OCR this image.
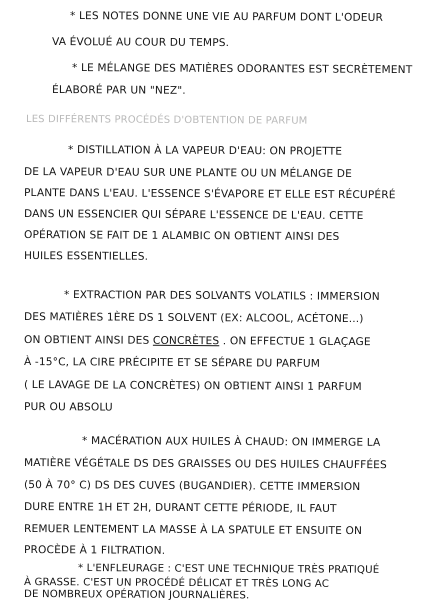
* LES NOTES DONNE UNE VIE AU PARFUM DONT L'ODEUR
VA ÉVOLUÉ AU COUR DU TEMPS.
* LE MÉLANGE DES MATIÈRES ODORANTES EST SECRÈTEMENT
ÉLABORÉ PAR UN "NEZ".
LES DIFFÉRENTS PROCÉDÉS D'OBTENTION DE PARFUM
* DISTILLATION À LA VAPEUR D'EAU: ON PROJETTE
DE LA VAPEUR D'EAU SUR UNE PLANTE OU UN MÉLANGE DE
PLANTE DANS L'EAU. L'ESSENCE S'ÉVAPORE ET ELLE EST RÉCUPÉRÉ
DANS UN ESSENCIER QUI SÉPARE L'ESSENCE DE L'EAU. CETTE
OPÉRATION SE FAIT DE 1 ALAMBIC ON OBTIENT AINSI DES
HUILES ESSENTIELLES.
* EXTRACTION PAR DES SOLVANTS VOLATILS : IMMERSION
DES MATIÈRES 1ÈRE DS 1 SOLVENT (EX: ALCOOL, ACÉTONE...)
ON OBTIENT AINSI DES CONCRÈTES . ON EFFECTUE 1 GLAÇAGE
À -15°C, LA CIRE PRÉCIPITE ET SE SÉPARE DU PARFUM
( LE LAVAGE DE LA CONCRÈTES) ON OBTIENT AINSI 1 PARFUM
PUR OU ABSOLU
* MACÉRATION AUX HUILES À CHAUD: ON IMMERGE LA
MATIÈRE VÉGÉTALE DS DES GRAISSES OU DES HUILES CHAUFFÉES
(50 À 70° C) DS DES CUVES (BUGANDIER). CETTE IMMERSION
DURE ENTRE 1H ET 2H, DURANT CETTE PÉRIODE, IL FAUT
REMUER LENTEMENT LA MASSE À LA SPATULE ET ENSUITE ON
PROCÈDE À 1 FILTRATION.
* L'ENFLEURAGE : C'EST UNE TECHNIQUE TRÈS PRATIQUÉ
À GRASSE. C'EST UN PROCÉDÉ DÉLICAT ET TRÈS LONG AC
DE NOMBREUX OPÉRATION JOURNALIÈRES.
